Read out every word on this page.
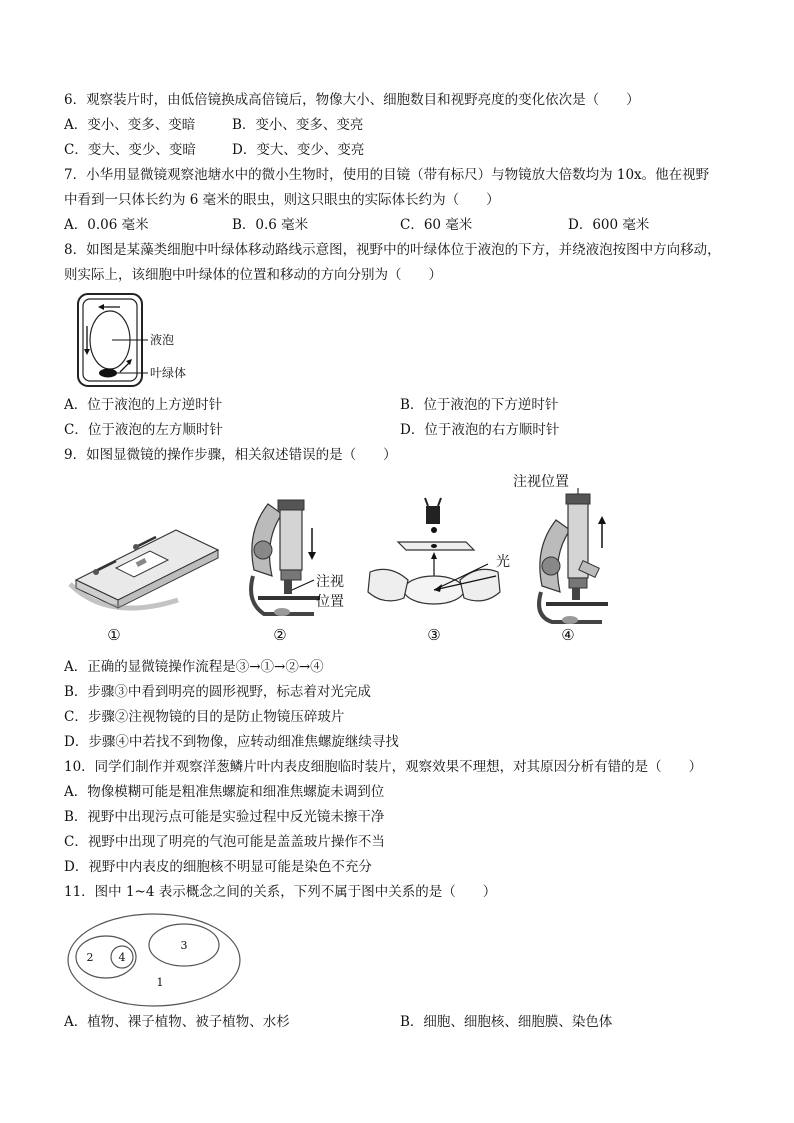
6．观察装片时，由低倍镜换成高倍镜后，物像大小、细胞数目和视野亮度的变化依次是（　　）
A．变小、变多、变暗	B．变小、变多、变亮
C．变大、变少、变暗	D．变大、变少、变亮
7．小华用显微镜观察池塘水中的微小生物时，使用的目镜（带有标尺）与物镜放大倍数均为 10x。他在视野
中看到一只体长约为 6 毫米的眼虫，则这只眼虫的实际体长约为（　　）
A．0.06 毫米	B．0.6 毫米	C．60 毫米	D．600 毫米
8．如图是某藻类细胞中叶绿体移动路线示意图，视野中的叶绿体位于液泡的下方，并绕液泡按图中方向移动，
则实际上，该细胞中叶绿体的位置和移动的方向分别为（　　）
液泡
叶绿体
A．位于液泡的上方逆时针	B．位于液泡的下方逆时针
C．位于液泡的左方顺时针	D．位于液泡的右方顺时针
9．如图显微镜的操作步骤，相关叙述错误的是（　　）
①
注视
位置
②
光
③
注视位置
④
A．正确的显微镜操作流程是③→①→②→④
B．步骤③中看到明亮的圆形视野，标志着对光完成
C．步骤②注视物镜的目的是防止物镜压碎玻片
D．步骤④中若找不到物像，应转动细准焦螺旋继续寻找
10．同学们制作并观察洋葱鳞片叶内表皮细胞临时装片，观察效果不理想，对其原因分析有错的是（　　）
A．物像模糊可能是粗准焦螺旋和细准焦螺旋未调到位
B．视野中出现污点可能是实验过程中反光镜未擦干净
C．视野中出现了明亮的气泡可能是盖盖玻片操作不当
D．视野中内表皮的细胞核不明显可能是染色不充分
11．图中 1~4 表示概念之间的关系，下列不属于图中关系的是（　　）
1
2 4
3
A．植物、裸子植物、被子植物、水杉	B．细胞、细胞核、细胞膜、染色体
